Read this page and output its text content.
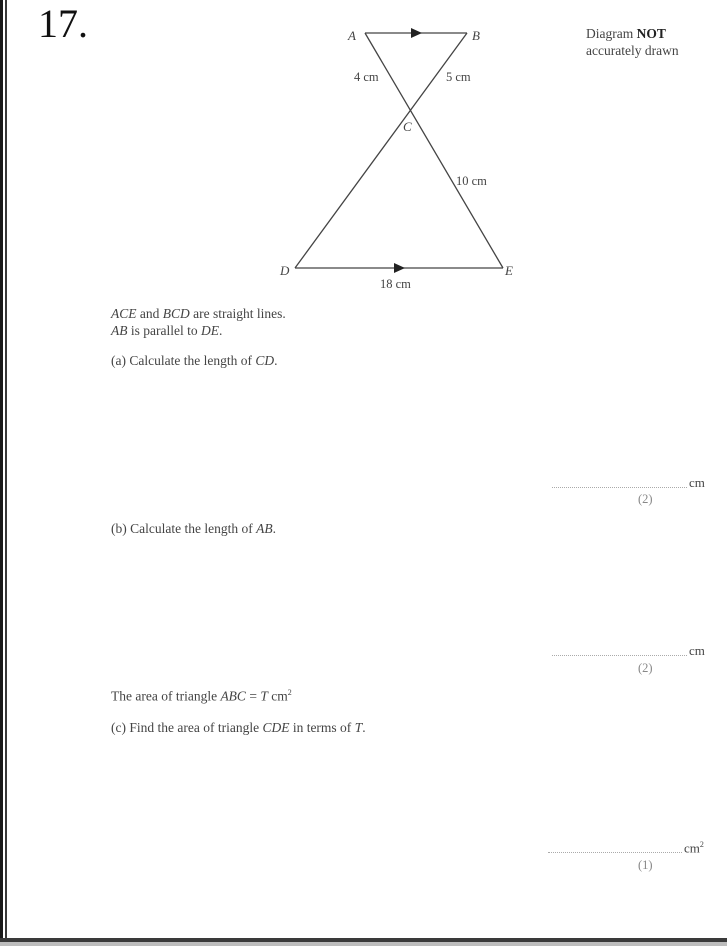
17.	A	B
C
D	E
4 cm	5 cm
10 cm
18 cm
Diagram NOT
accurately drawn
ACE and BCD are straight lines.
AB is parallel to DE.
(a) Calculate the length of CD.
cm
(2)
(b) Calculate the length of AB.
cm
(2)
The area of triangle ABC = T $cm^2$
(c) Find the area of triangle CDE in terms of T.
$cm^2$
(1)
